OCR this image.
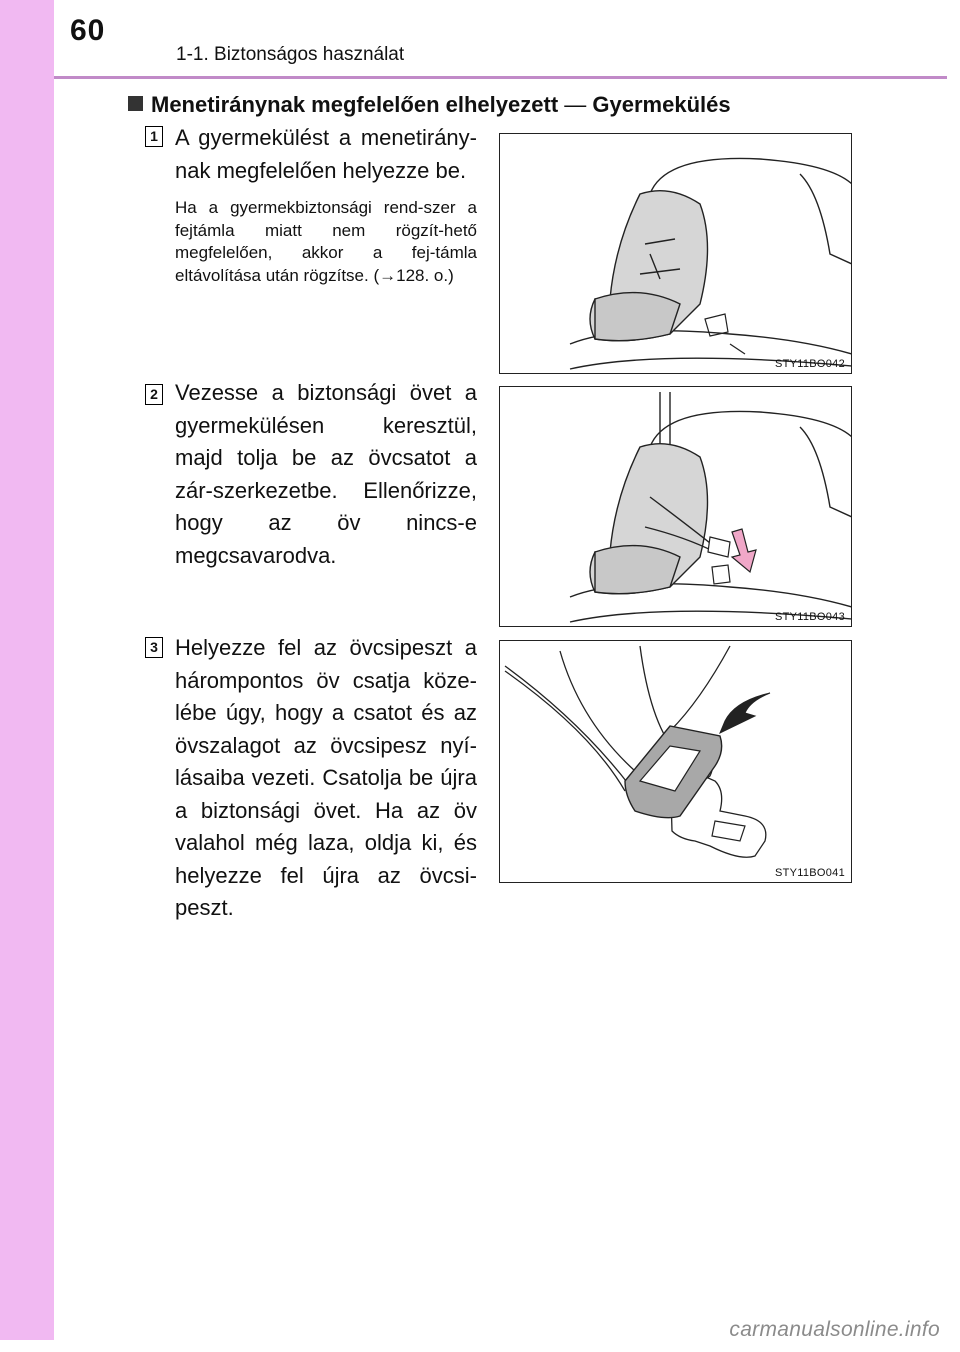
60
1-1. Biztonságos használat
Menetiránynak megfelelően elhelyezett — Gyermekülés
1 A gyermekülést a menetirány-nak megfelelően helyezze be.
Ha a gyermekbiztonsági rend-szer a fejtámla miatt nem rögzít-hető megfelelően, akkor a fej-támla eltávolítása után rögzítse. (→128. o.)
STY11BO042
2 Vezesse a biztonsági övet a gyermekülésen keresztül, majd tolja be az övcsatot a zár-szerkezetbe. Ellenőrizze, hogy az öv nincs-e megcsavarodva.
STY11BO043
3 Helyezze fel az övcsipeszt a hárompontos öv csatja köze-lébe úgy, hogy a csatot és az övszalagot az övcsipesz nyí-lásaiba vezeti. Csatolja be újra a biztonsági övet. Ha az öv valahol még laza, oldja ki, és helyezze fel újra az övcsi-peszt.
STY11BO041
carmanualsonline.info
